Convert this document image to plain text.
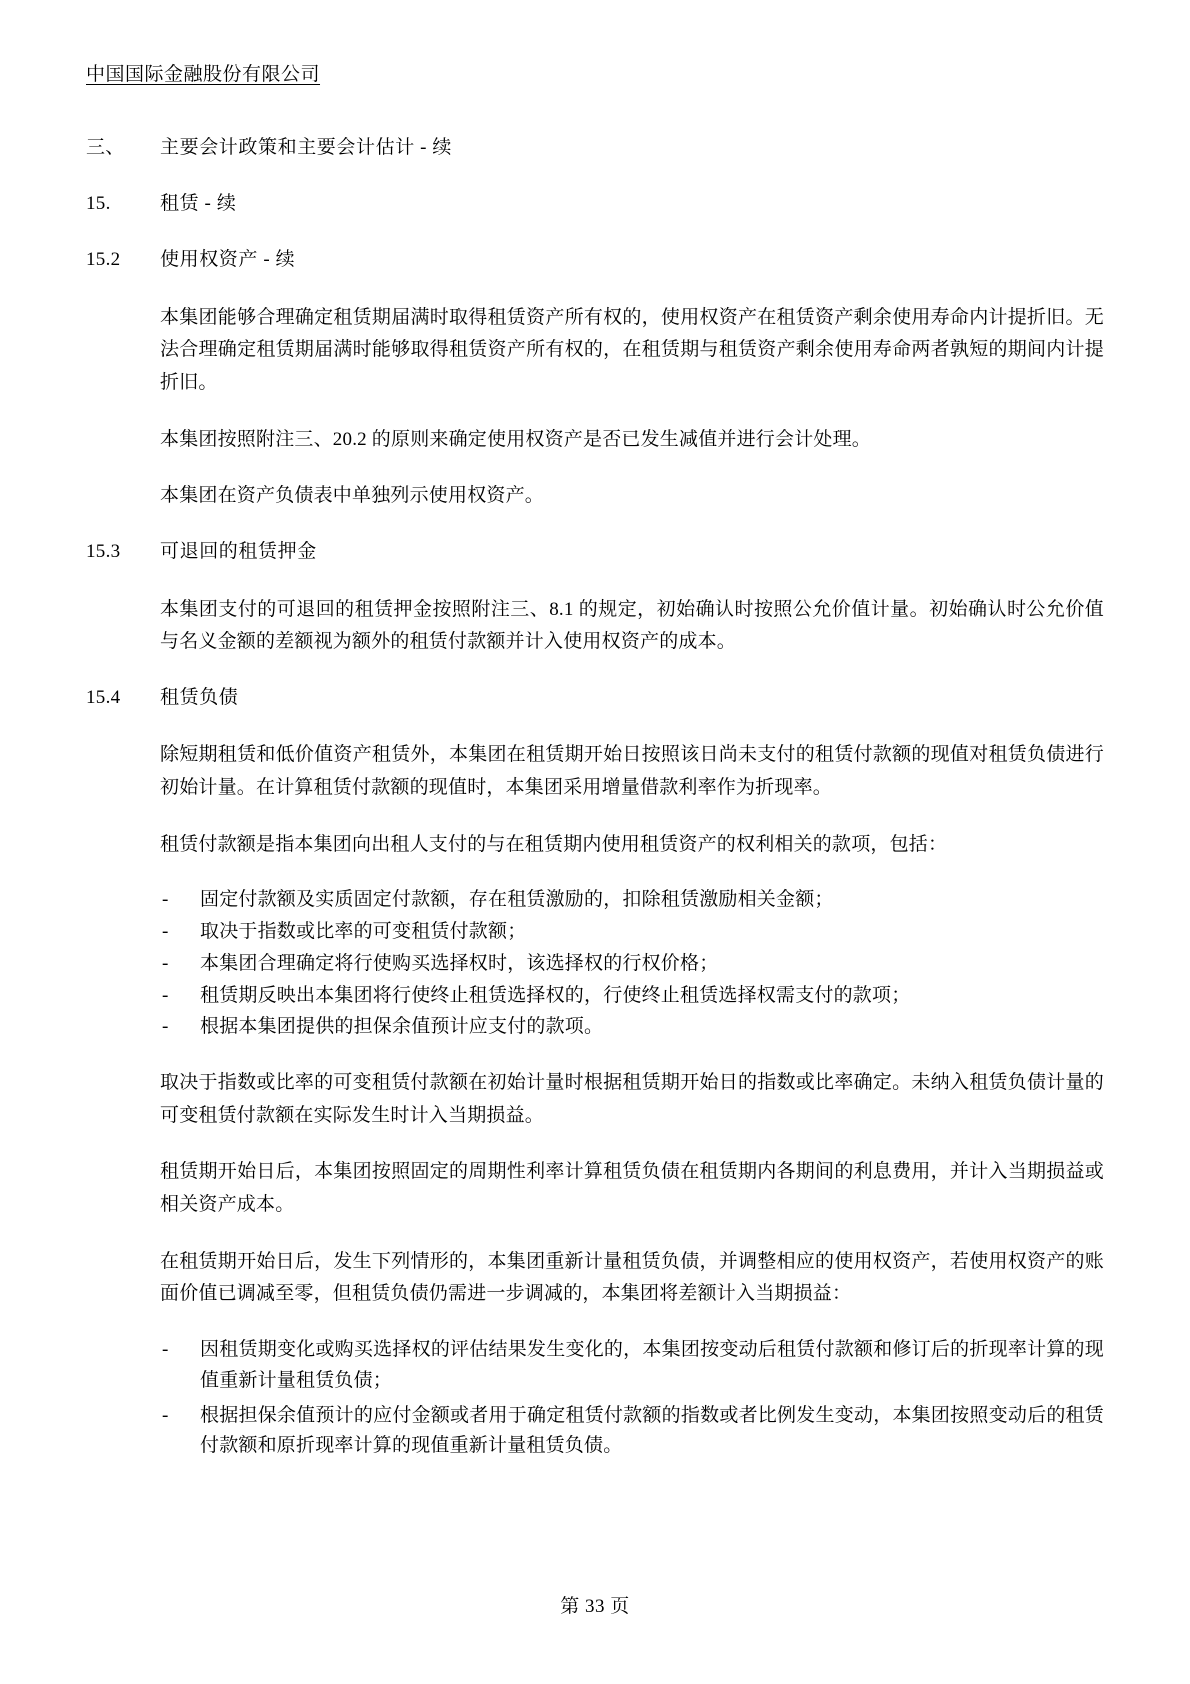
中国国际金融股份有限公司
三、	主要会计政策和主要会计估计 - 续
15.	租赁 - 续
15.2	使用权资产 - 续

本集团能够合理确定租赁期届满时取得租赁资产所有权的，使用权资产在租赁资产剩余使用寿命内计提折旧。无法合理确定租赁期届满时能够取得租赁资产所有权的，在租赁期与租赁资产剩余使用寿命两者孰短的期间内计提折旧。

本集团按照附注三、20.2 的原则来确定使用权资产是否已发生减值并进行会计处理。

本集团在资产负债表中单独列示使用权资产。

15.3	可退回的租赁押金

本集团支付的可退回的租赁押金按照附注三、8.1 的规定，初始确认时按照公允价值计量。初始确认时公允价值与名义金额的差额视为额外的租赁付款额并计入使用权资产的成本。

15.4	租赁负债

除短期租赁和低价值资产租赁外，本集团在租赁期开始日按照该日尚未支付的租赁付款额的现值对租赁负债进行初始计量。在计算租赁付款额的现值时，本集团采用增量借款利率作为折现率。

租赁付款额是指本集团向出租人支付的与在租赁期内使用租赁资产的权利相关的款项，包括：

- 固定付款额及实质固定付款额，存在租赁激励的，扣除租赁激励相关金额；
- 取决于指数或比率的可变租赁付款额；
- 本集团合理确定将行使购买选择权时，该选择权的行权价格；
- 租赁期反映出本集团将行使终止租赁选择权的，行使终止租赁选择权需支付的款项；
- 根据本集团提供的担保余值预计应支付的款项。

取决于指数或比率的可变租赁付款额在初始计量时根据租赁期开始日的指数或比率确定。未纳入租赁负债计量的可变租赁付款额在实际发生时计入当期损益。

租赁期开始日后，本集团按照固定的周期性利率计算租赁负债在租赁期内各期间的利息费用，并计入当期损益或相关资产成本。

在租赁期开始日后，发生下列情形的，本集团重新计量租赁负债，并调整相应的使用权资产，若使用权资产的账面价值已调减至零，但租赁负债仍需进一步调减的，本集团将差额计入当期损益：

- 因租赁期变化或购买选择权的评估结果发生变化的，本集团按变动后租赁付款额和修订后的折现率计算的现值重新计量租赁负债；
- 根据担保余值预计的应付金额或者用于确定租赁付款额的指数或者比例发生变动，本集团按照变动后的租赁付款额和原折现率计算的现值重新计量租赁负债。
第 33 页
